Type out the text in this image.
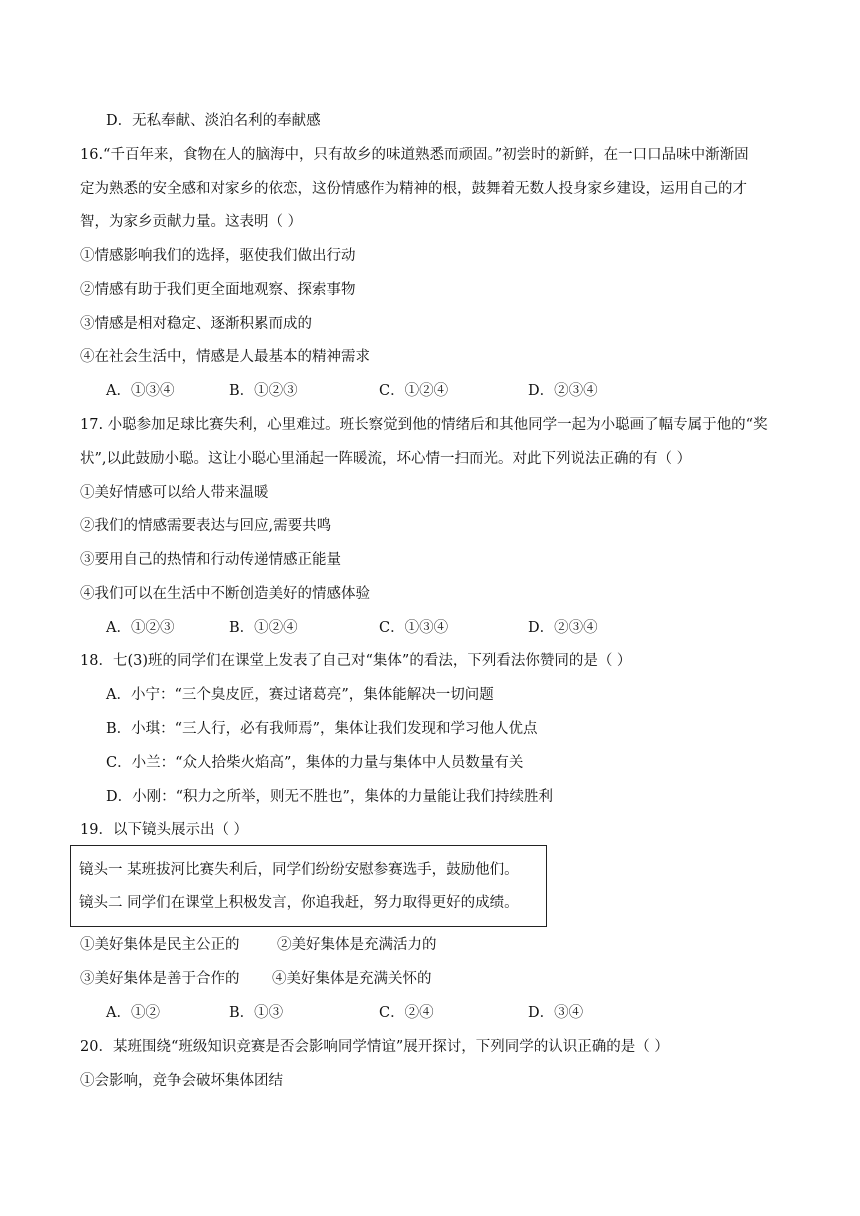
D．无私奉献、淡泊名利的奉献感
16.“千百年来，食物在人的脑海中，只有故乡的味道熟悉而顽固。”初尝时的新鲜，在一口口品味中渐渐固
定为熟悉的安全感和对家乡的依恋，这份情感作为精神的根，鼓舞着无数人投身家乡建设，运用自己的才
智，为家乡贡献力量。这表明（ ）
①情感影响我们的选择，驱使我们做出行动
②情感有助于我们更全面地观察、探索事物
③情感是相对稳定、逐渐积累而成的
④在社会生活中，情感是人最基本的精神需求
A．①③④	B．①②③	C．①②④	D．②③④
17. 小聪参加足球比赛失利，心里难过。班长察觉到他的情绪后和其他同学一起为小聪画了幅专属于他的“奖
状”,以此鼓励小聪。这让小聪心里涌起一阵暖流，坏心情一扫而光。对此下列说法正确的有（ ）
①美好情感可以给人带来温暖
②我们的情感需要表达与回应,需要共鸣
③要用自己的热情和行动传递情感正能量
④我们可以在生活中不断创造美好的情感体验
A．①②③	B．①②④	C．①③④	D．②③④
18．七(3)班的同学们在课堂上发表了自己对“集体”的看法，下列看法你赞同的是（ ）
A．小宁：“三个臭皮匠，赛过诸葛亮”，集体能解决一切问题
B．小琪：“三人行，必有我师焉”，集体让我们发现和学习他人优点
C．小兰：“众人拾柴火焰高”，集体的力量与集体中人员数量有关
D．小刚：“积力之所举，则无不胜也”，集体的力量能让我们持续胜利
19．以下镜头展示出（ ）
镜头一 某班拔河比赛失利后，同学们纷纷安慰参赛选手，鼓励他们。
镜头二 同学们在课堂上积极发言，你追我赶，努力取得更好的成绩。
①美好集体是民主公正的	②美好集体是充满活力的
③美好集体是善于合作的 ④美好集体是充满关怀的
A．①②	B．①③	C．②④	D．③④
20．某班围绕“班级知识竞赛是否会影响同学情谊”展开探讨，下列同学的认识正确的是（ ）
①会影响，竞争会破坏集体团结
